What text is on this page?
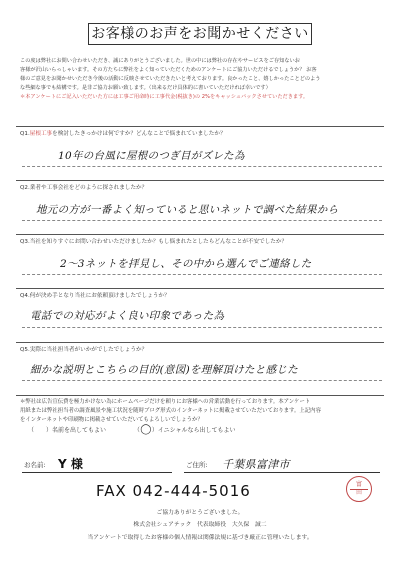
お客様のお声をお聞かせください

この度は弊社にお問い合わせいただき、誠にありがとうございました。世の中には弊社の存在やサービスをご存知ないお

客様が沢山いらっしゃいます。その方たちに弊社をよく知っていただくためのアンケートにご協力いただけるでしょうか？ お客

様のご意見をお聞かせいただき今後の活動に反映させていただきたいと考えております。良かったこと、嬉しかったことどのよう

な些細な事でも結構です。是非ご協力お願い致します。（出来るだけ具体的に書いていただければ幸いです）

＊本アンケートにご記入いただいた方には工事ご用命時に工事代金(税抜き)の 2%をキャッシュバックさせていただきます。

Q1.屋根工事を検討したきっかけは何ですか？どんなことで悩まれていましたか？
10年の台風に屋根のつぎ目がズレた為
Q2.業者や工事会社をどのように探されましたか？
地元の方が一番よく知っていると思いネットで調べた結果から
Q3.当社を知りすぐにお問い合わせいただけましたか？もし悩まれたとしたらどんなことが不安でしたか？
2〜3ネットを拝見し、その中から選んでご連絡した
Q4.何が決め手となり当社にお依頼頂けましたでしょうか？
電話での対応がよく良い印象であった為
Q5.実際に当社担当者がいかがでしたでしょうか？
細かな説明とこちらの目的(意図)を理解頂けたと感じた
＊弊社は広告宣伝費を極力かけない為にホームページだけを頼りにお客様への営業活動を行っております。本アンケート
用紙または弊社担当者の調査風景や施工状況を随時ブログ形式のインターネットに掲載させていただいております。上記内容
をインターネットや印刷物に掲載させていただいてもよろしいでしょうか？
（ ）名前を出してもよい	（◯）イニシャルなら出してもよい
お名前: Y 様	ご住所: 千葉県富津市
富
田
FAX 042-444-5016
ご協力ありがとうございました。
株式会社シェアテック　代表取締役　大久保　誠二
当アンケートで取得したお客様の個人情報は関係法規に基づき厳正に管理いたします。
